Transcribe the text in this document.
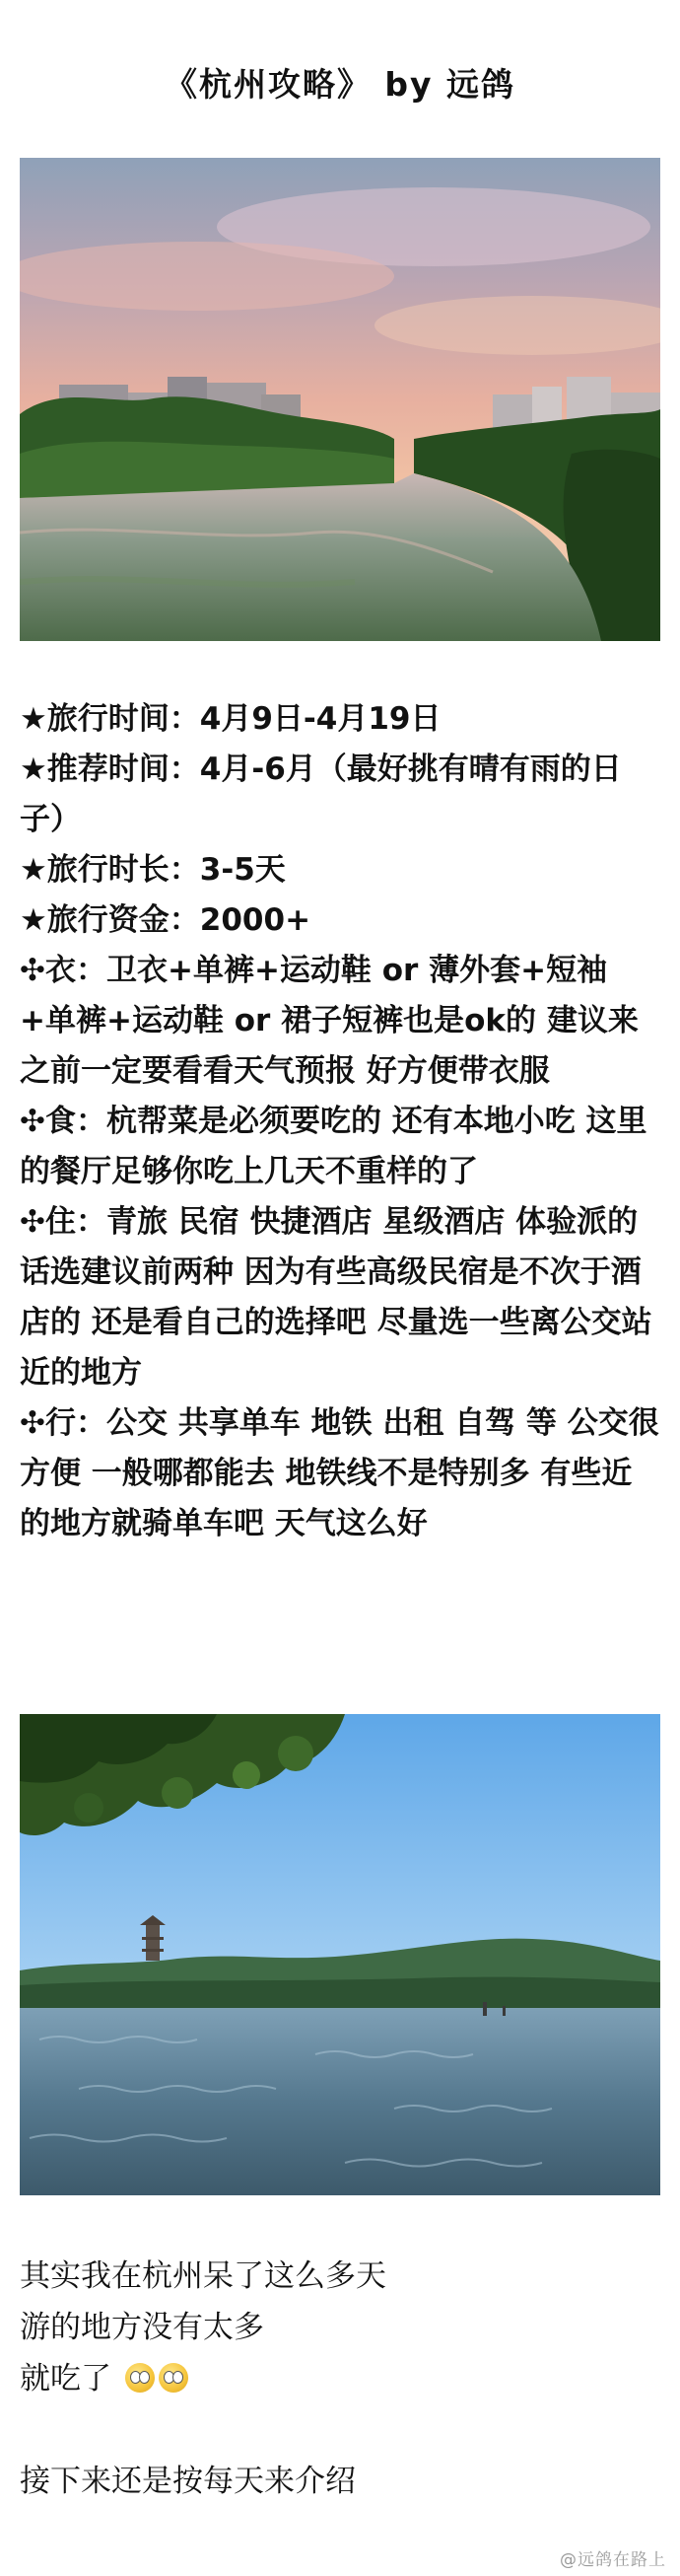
《杭州攻略》 by 远鸽
★旅行时间：4月9日-4月19日

★推荐时间：4月-6月（最好挑有晴有雨的日子）

★旅行时长：3-5天
★旅行资金：2000+

✣衣：卫衣+单裤+运动鞋 or 薄外套+短袖+单裤+运动鞋 or 裙子短裤也是ok的 建议来之前一定要看看天气预报 好方便带衣服

✣食：杭帮菜是必须要吃的 还有本地小吃 这里的餐厅足够你吃上几天不重样的了

✣住：青旅 民宿 快捷酒店 星级酒店 体验派的话选建议前两种 因为有些高级民宿是不次于酒店的 还是看自己的选择吧 尽量选一些离公交站近的地方

✣行：公交 共享单车 地铁 出租 自驾 等 公交很方便 一般哪都能去 地铁线不是特别多 有些近的地方就骑单车吧 天气这么好

其实我在杭州呆了这么多天
游的地方没有太多
就吃了
接下来还是按每天来介绍
@远鸽在路上
